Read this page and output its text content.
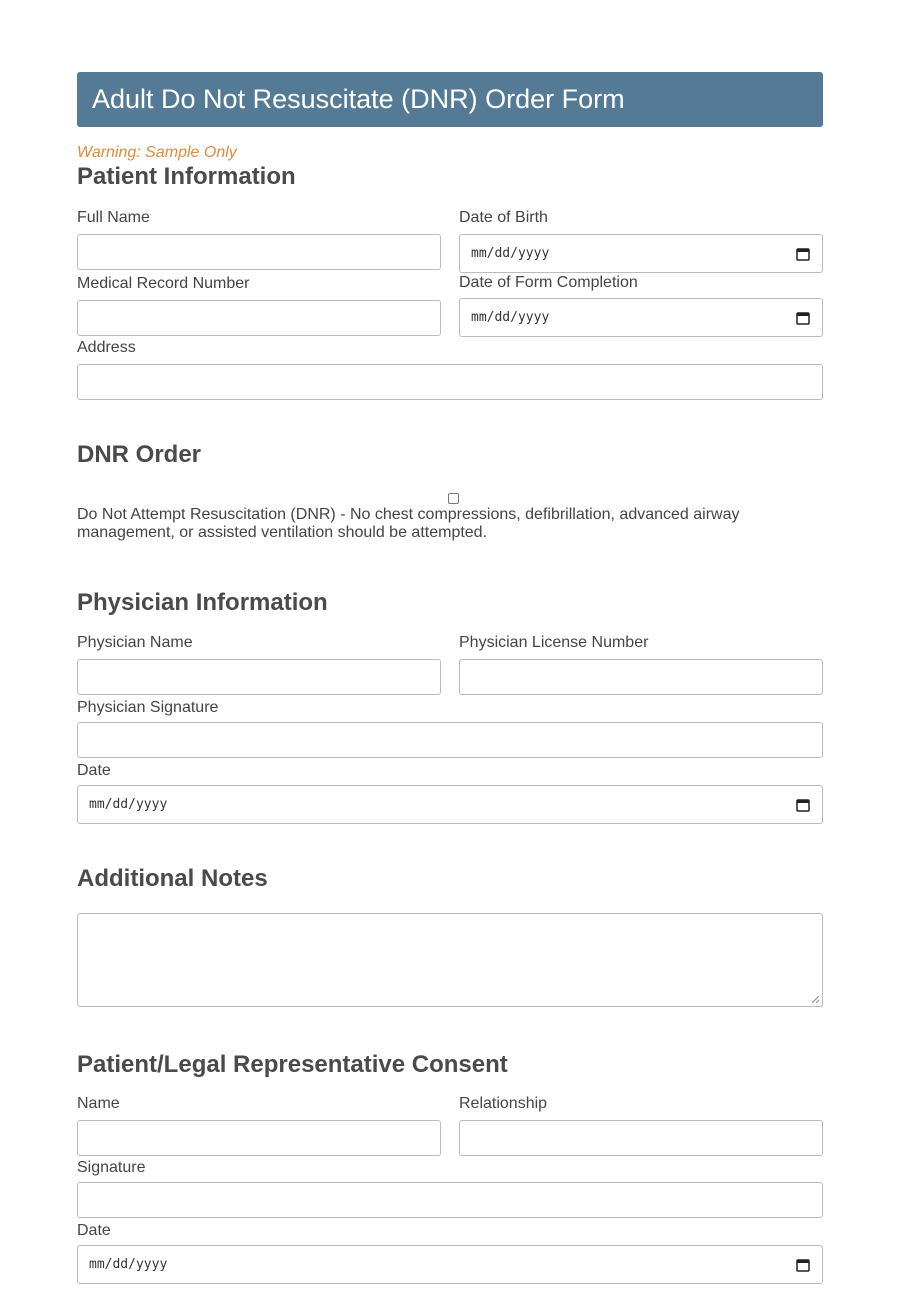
Adult Do Not Resuscitate (DNR) Order Form
Warning: Sample Only
Patient Information
Full Name	Date of Birth
mm/dd/yyyy
Medical Record Number	Date of Form Completion
mm/dd/yyyy
Address
DNR Order
Do Not Attempt Resuscitation (DNR) - No chest compressions, defibrillation, advanced airway management, or assisted ventilation should be attempted.
Physician Information
Physician Name	Physician License Number
Physician Signature
Date
mm/dd/yyyy
Additional Notes
Patient/Legal Representative Consent
Name	Relationship
Signature
Date
mm/dd/yyyy
